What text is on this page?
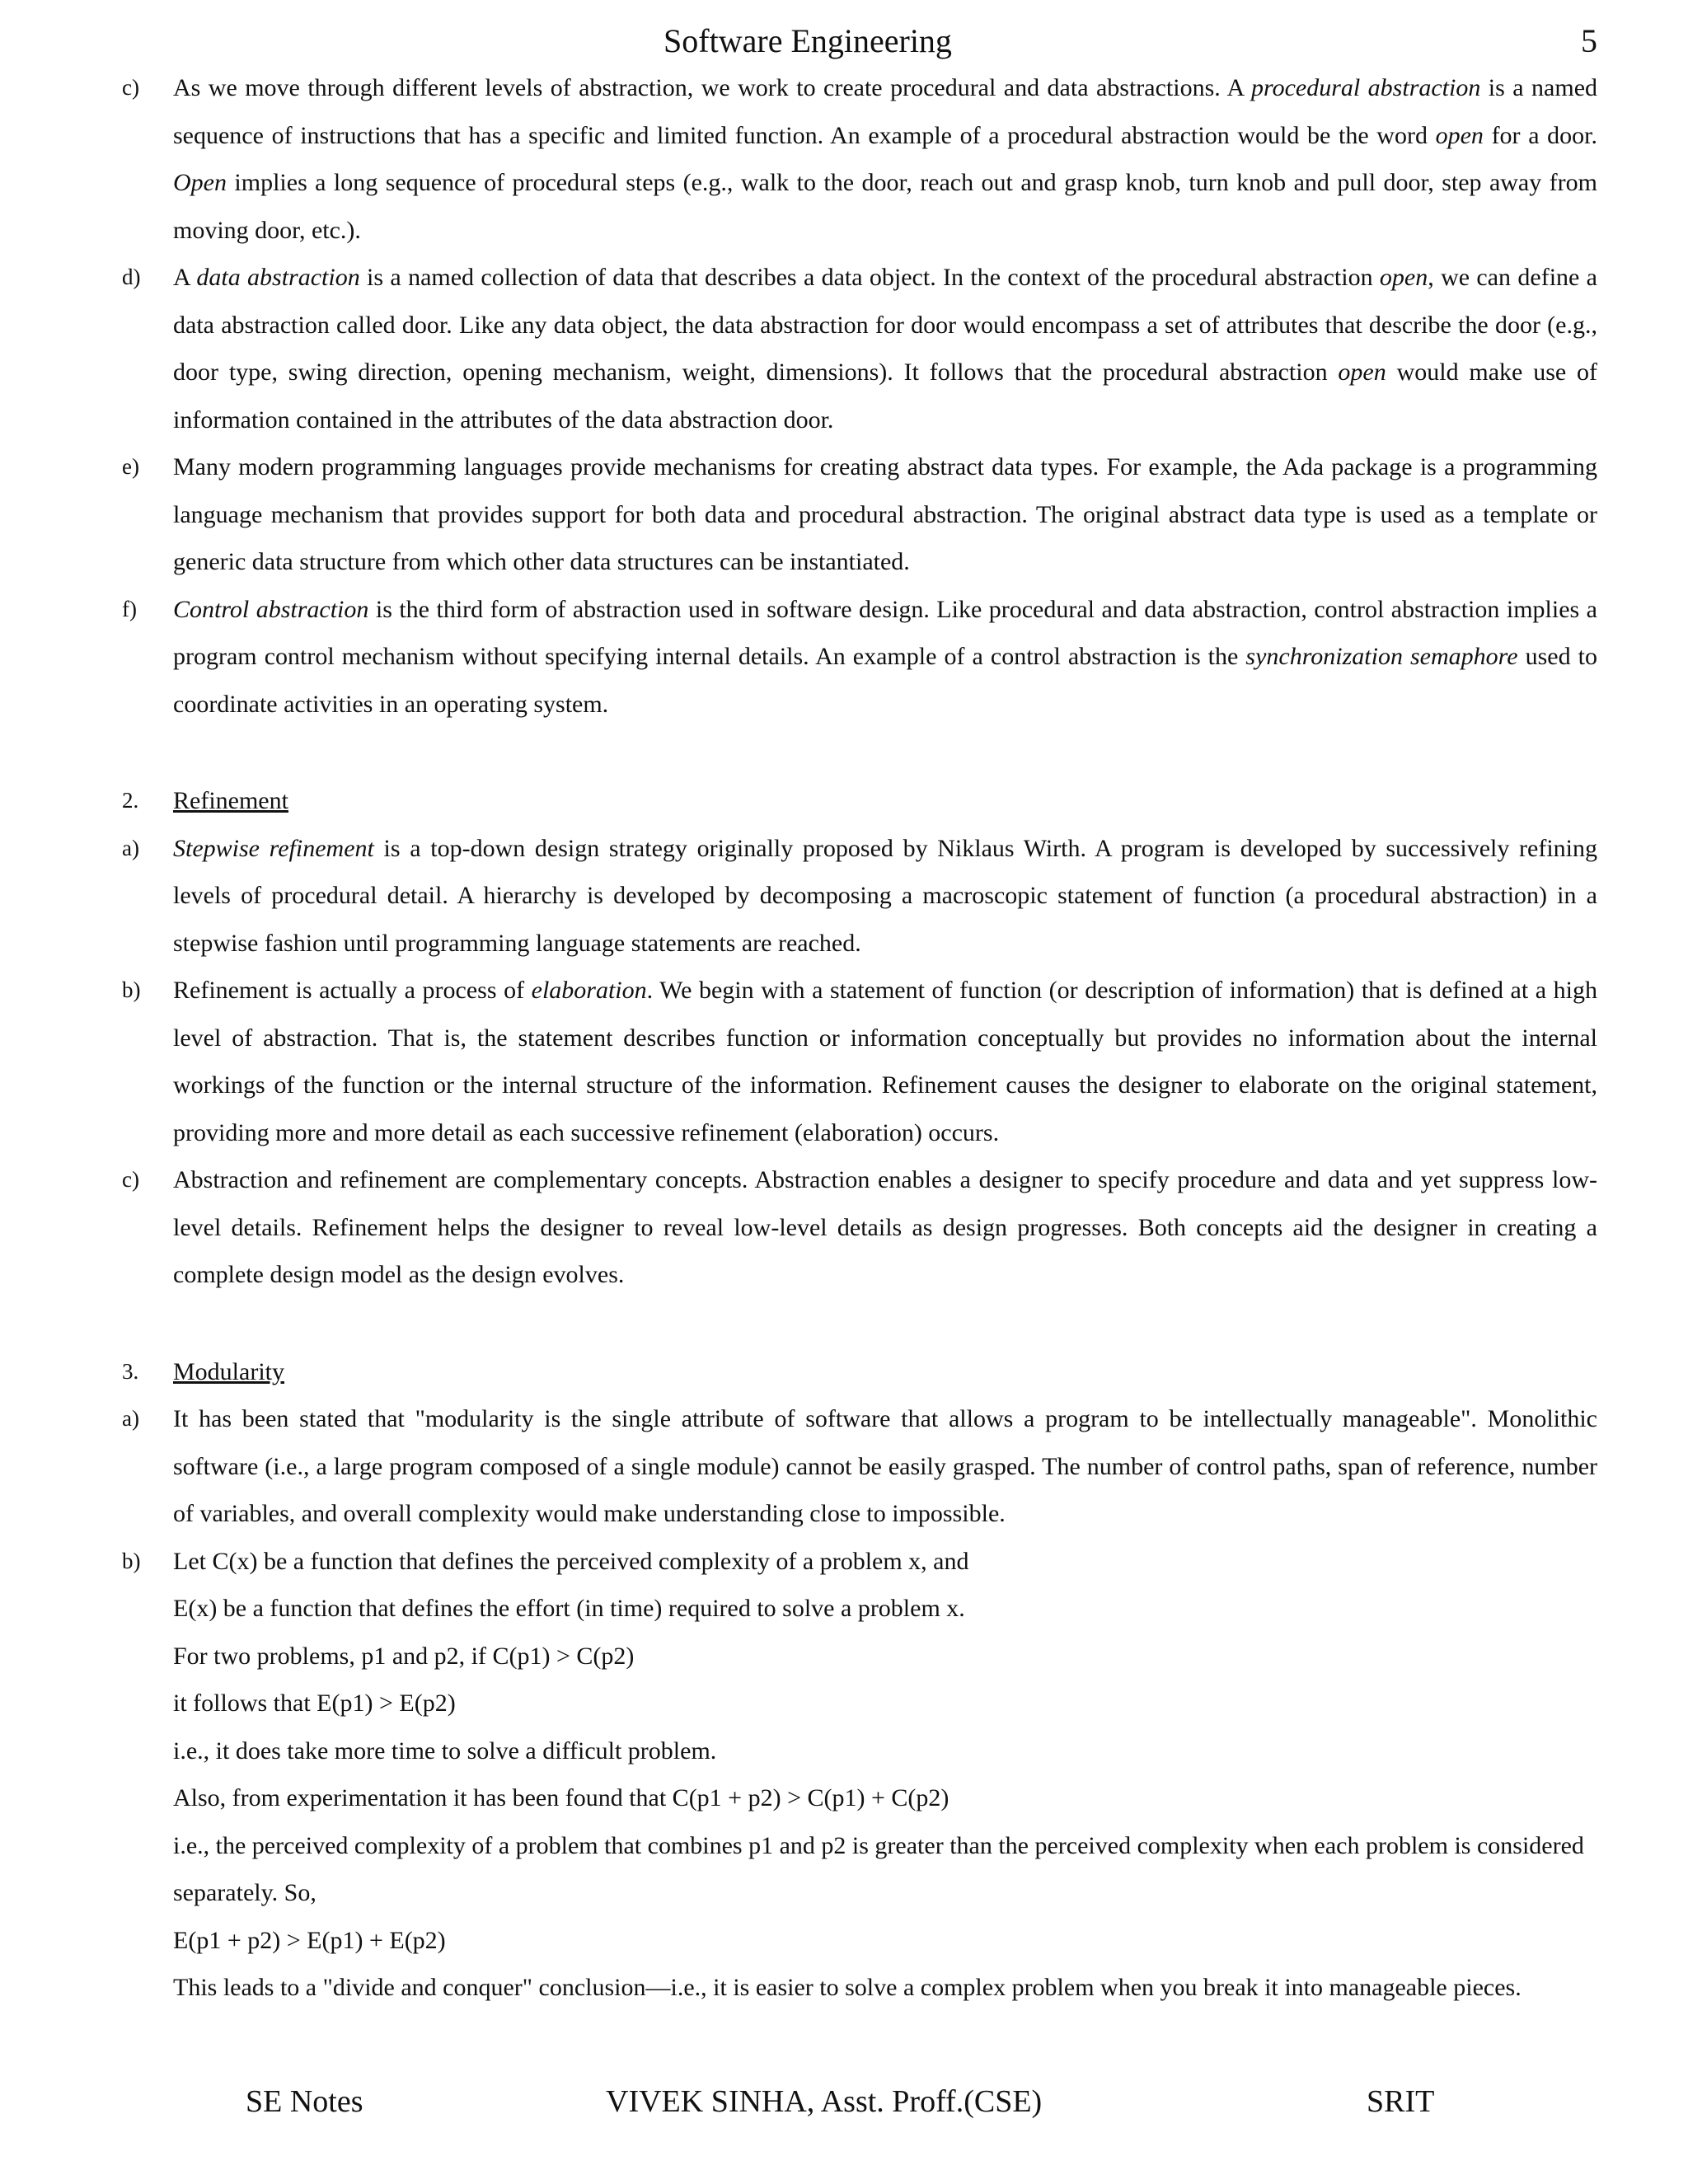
Software Engineering	5
c)	As we move through different levels of abstraction, we work to create procedural and data abstractions. A procedural abstraction is a named sequence of instructions that has a specific and limited function. An example of a procedural abstraction would be the word open for a door. Open implies a long sequence of procedural steps (e.g., walk to the door, reach out and grasp knob, turn knob and pull door, step away from moving door, etc.).
d)	A data abstraction is a named collection of data that describes a data object. In the context of the procedural abstraction open, we can define a data abstraction called door. Like any data object, the data abstraction for door would encompass a set of attributes that describe the door (e.g., door type, swing direction, opening mechanism, weight, dimensions). It follows that the procedural abstraction open would make use of information contained in the attributes of the data abstraction door.
e)	Many modern programming languages provide mechanisms for creating abstract data types. For example, the Ada package is a programming language mechanism that provides support for both data and procedural abstraction. The original abstract data type is used as a template or generic data structure from which other data structures can be instantiated.
f)	Control abstraction is the third form of abstraction used in software design. Like procedural and data abstraction, control abstraction implies a program control mechanism without specifying internal details. An example of a control abstraction is the synchronization semaphore used to coordinate activities in an operating system.
2.	Refinement
a)	Stepwise refinement is a top-down design strategy originally proposed by Niklaus Wirth. A program is developed by successively refining levels of procedural detail. A hierarchy is developed by decomposing a macroscopic statement of function (a procedural abstraction) in a stepwise fashion until programming language statements are reached.
b)	Refinement is actually a process of elaboration. We begin with a statement of function (or description of information) that is defined at a high level of abstraction. That is, the statement describes function or information conceptually but provides no information about the internal workings of the function or the internal structure of the information. Refinement causes the designer to elaborate on the original statement, providing more and more detail as each successive refinement (elaboration) occurs.
c)	Abstraction and refinement are complementary concepts. Abstraction enables a designer to specify procedure and data and yet suppress low-level details. Refinement helps the designer to reveal low-level details as design progresses. Both concepts aid the designer in creating a complete design model as the design evolves.
3.	Modularity
a)	It has been stated that "modularity is the single attribute of software that allows a program to be intellectually manageable". Monolithic software (i.e., a large program composed of a single module) cannot be easily grasped. The number of control paths, span of reference, number of variables, and overall complexity would make understanding close to impossible.
b)	Let C(x) be a function that defines the perceived complexity of a problem x, and
E(x) be a function that defines the effort (in time) required to solve a problem x.
For two problems, p1 and p2, if C(p1) > C(p2)
it follows that E(p1) > E(p2)
i.e., it does take more time to solve a difficult problem.
Also, from experimentation it has been found that C(p1 + p2) > C(p1) + C(p2)
i.e., the perceived complexity of a problem that combines p1 and p2 is greater than the perceived complexity when each problem is considered separately. So,
E(p1 + p2) > E(p1) + E(p2)
This leads to a "divide and conquer" conclusion—i.e., it is easier to solve a complex problem when you break it into manageable pieces.
SE Notes	VIVEK SINHA, Asst. Proff.(CSE)	SRIT
